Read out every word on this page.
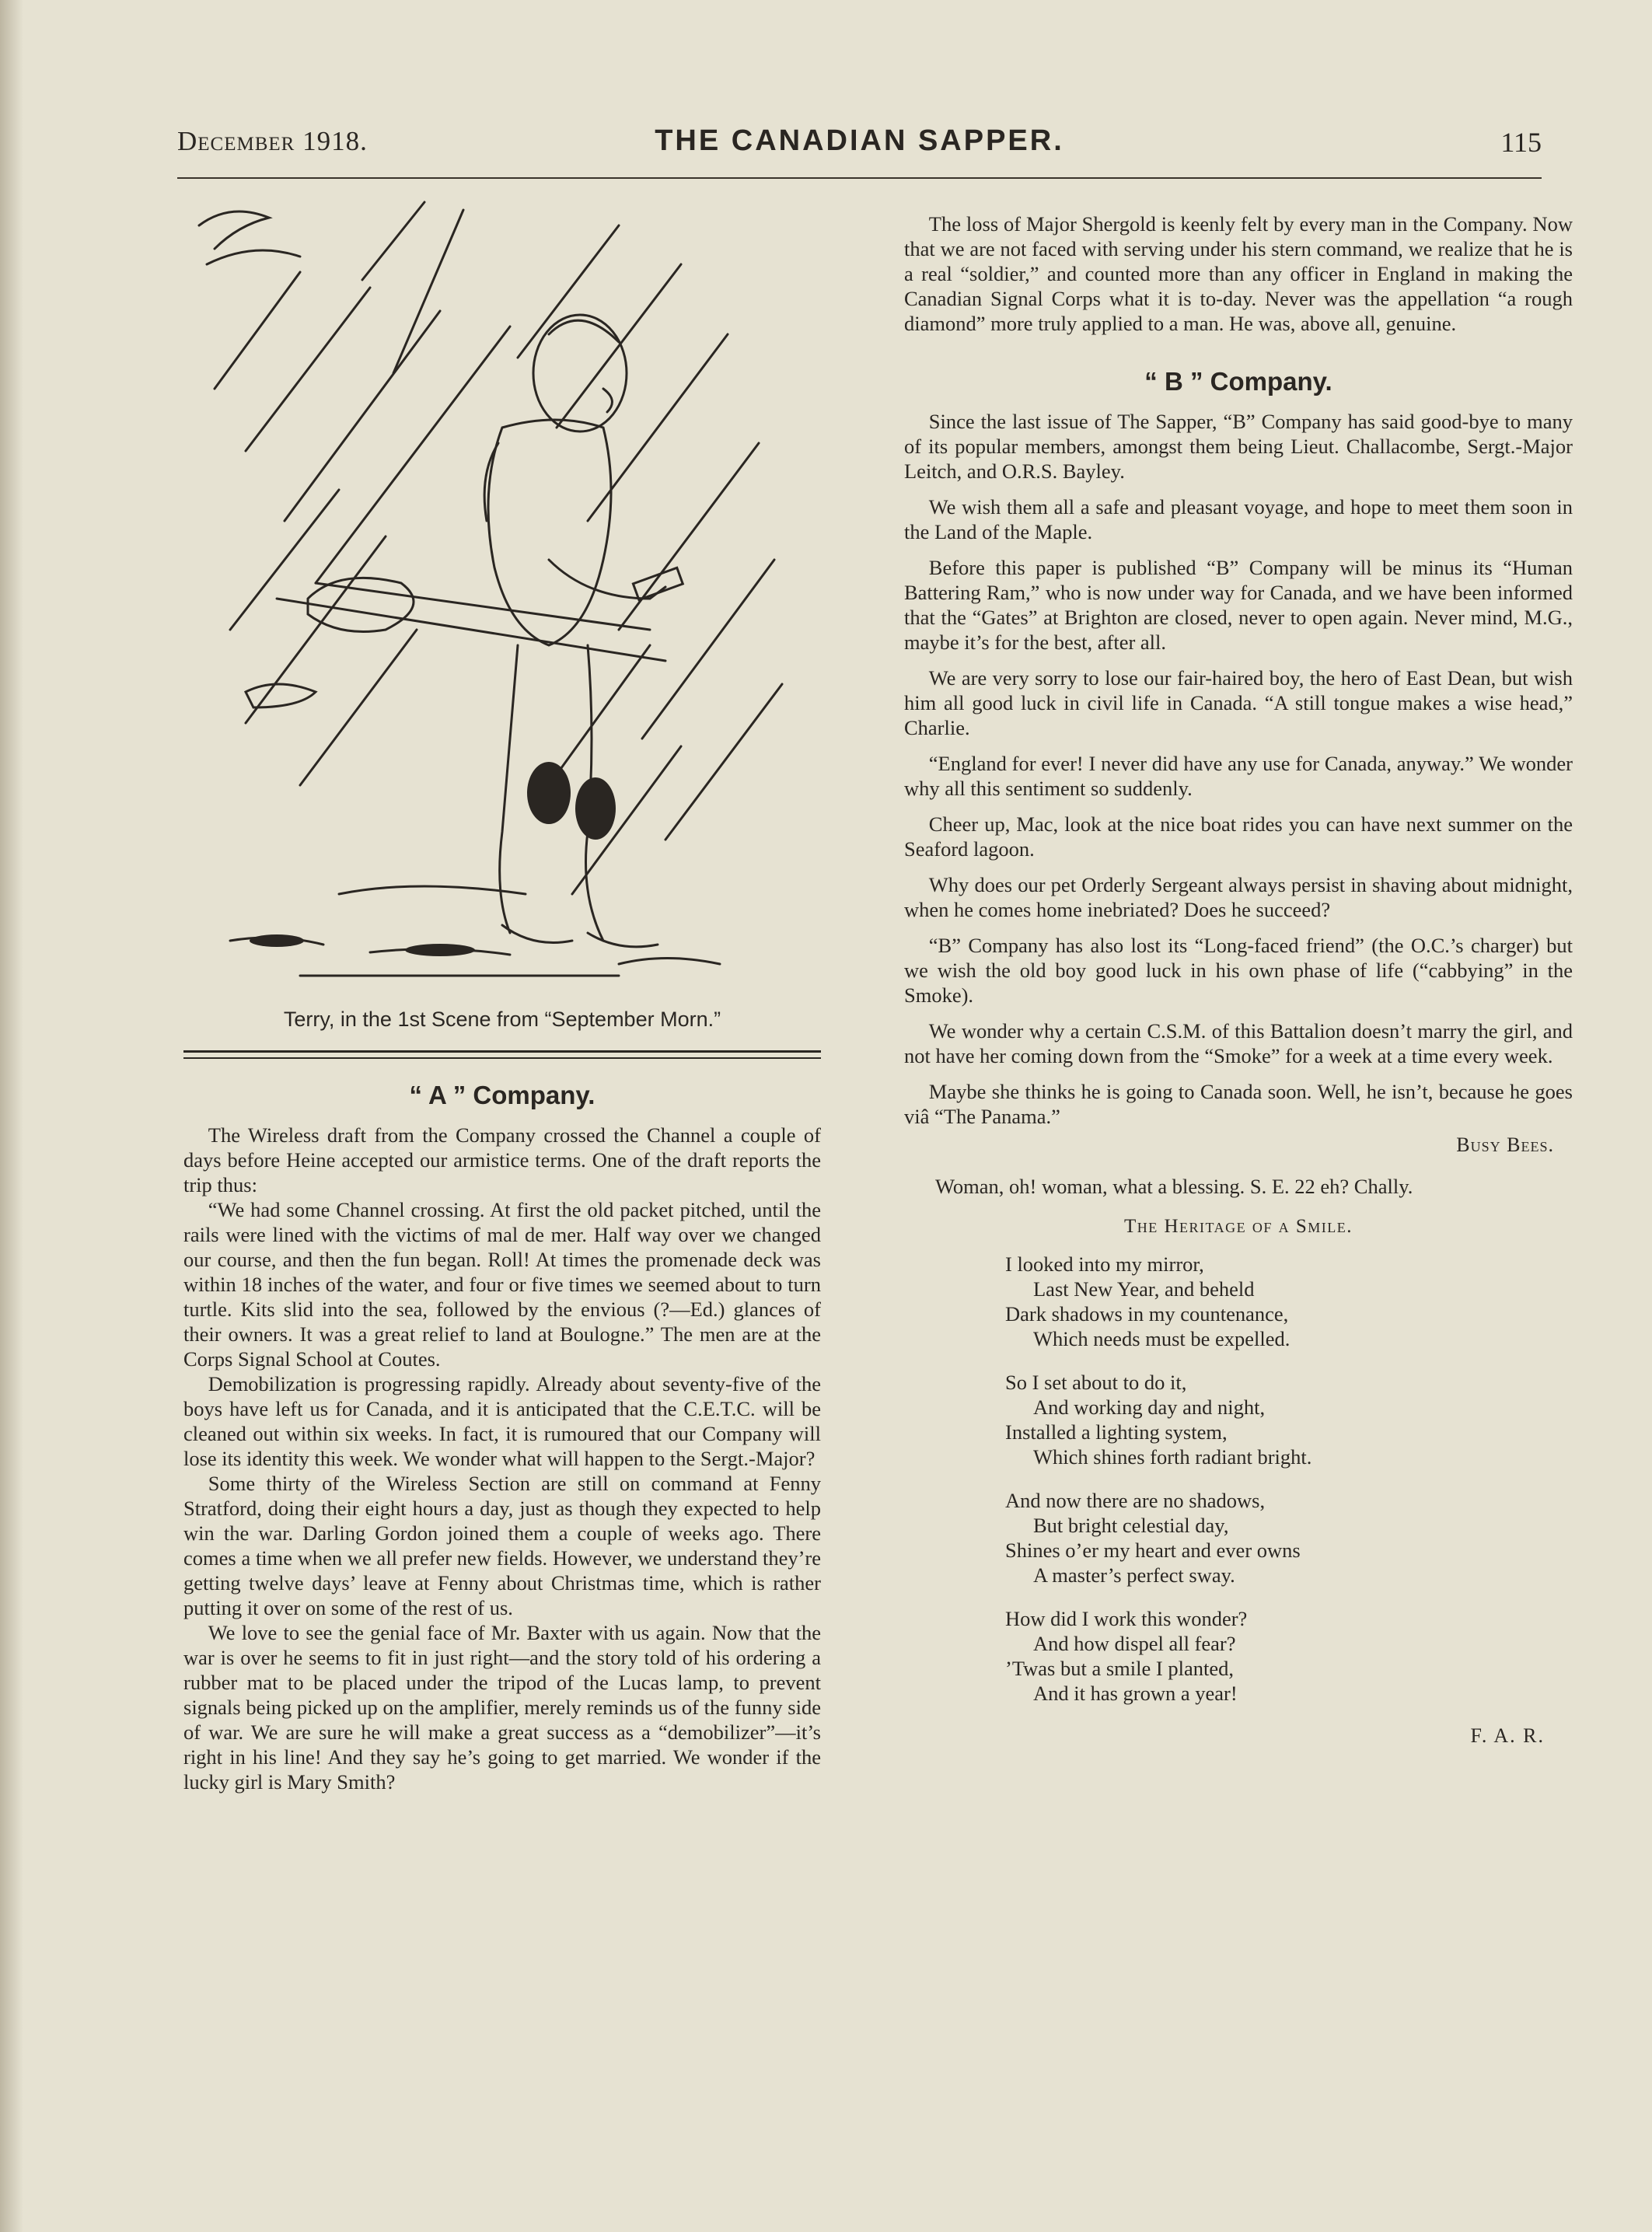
December 1918.	THE CANADIAN SAPPER.	115
Terry, in the 1st Scene from “September Morn.”
“ A ” Company.

The Wireless draft from the Company crossed the Channel a couple of days before Heine accepted our armistice terms. One of the draft reports the trip thus:

“We had some Channel crossing. At first the old packet pitched, until the rails were lined with the victims of mal de mer. Half way over we changed our course, and then the fun began. Roll! At times the promenade deck was within 18 inches of the water, and four or five times we seemed about to turn turtle. Kits slid into the sea, followed by the envious (?—Ed.) glances of their owners. It was a great relief to land at Boulogne.” The men are at the Corps Signal School at Coutes.

Demobilization is progressing rapidly. Already about seventy-five of the boys have left us for Canada, and it is anticipated that the C.E.T.C. will be cleaned out within six weeks. In fact, it is rumoured that our Company will lose its identity this week. We wonder what will happen to the Sergt.-Major?

Some thirty of the Wireless Section are still on command at Fenny Stratford, doing their eight hours a day, just as though they expected to help win the war. Darling Gordon joined them a couple of weeks ago. There comes a time when we all prefer new fields. However, we understand they’re getting twelve days’ leave at Fenny about Christmas time, which is rather putting it over on some of the rest of us.

We love to see the genial face of Mr. Baxter with us again. Now that the war is over he seems to fit in just right—and the story told of his ordering a rubber mat to be placed under the tripod of the Lucas lamp, to prevent signals being picked up on the amplifier, merely reminds us of the funny side of war. We are sure he will make a great success as a “demobilizer”—it’s right in his line! And they say he’s going to get married. We wonder if the lucky girl is Mary Smith?

The loss of Major Shergold is keenly felt by every man in the Company. Now that we are not faced with serving under his stern command, we realize that he is a real “soldier,” and counted more than any officer in England in making the Canadian Signal Corps what it is to-day. Never was the appellation “a rough diamond” more truly applied to a man. He was, above all, genuine.

“ B ” Company.

Since the last issue of The Sapper, “B” Company has said good-bye to many of its popular members, amongst them being Lieut. Challacombe, Sergt.-Major Leitch, and O.R.S. Bayley.

We wish them all a safe and pleasant voyage, and hope to meet them soon in the Land of the Maple.

Before this paper is published “B” Company will be minus its “Human Battering Ram,” who is now under way for Canada, and we have been informed that the “Gates” at Brighton are closed, never to open again. Never mind, M.G., maybe it’s for the best, after all.

We are very sorry to lose our fair-haired boy, the hero of East Dean, but wish him all good luck in civil life in Canada. “A still tongue makes a wise head,” Charlie.

“England for ever! I never did have any use for Canada, anyway.” We wonder why all this sentiment so suddenly.

Cheer up, Mac, look at the nice boat rides you can have next summer on the Seaford lagoon.

Why does our pet Orderly Sergeant always persist in shaving about midnight, when he comes home inebriated? Does he succeed?

“B” Company has also lost its “Long-faced friend” (the O.C.’s charger) but we wish the old boy good luck in his own phase of life (“cabbying” in the Smoke).

We wonder why a certain C.S.M. of this Battalion doesn’t marry the girl, and not have her coming down from the “Smoke” for a week at a time every week.

Maybe she thinks he is going to Canada soon. Well, he isn’t, because he goes viâ “The Panama.”

Busy Bees.

Woman, oh! woman, what a blessing. S. E. 22 eh? Chally.

The Heritage of a Smile.
I looked into my mirror,
Last New Year, and beheld
Dark shadows in my countenance,
Which needs must be expelled.
So I set about to do it,
And working day and night,
Installed a lighting system,
Which shines forth radiant bright.
And now there are no shadows,
But bright celestial day,
Shines o’er my heart and ever owns
A master’s perfect sway.
How did I work this wonder?
And how dispel all fear?
’Twas but a smile I planted,
And it has grown a year!
F. A. R.
